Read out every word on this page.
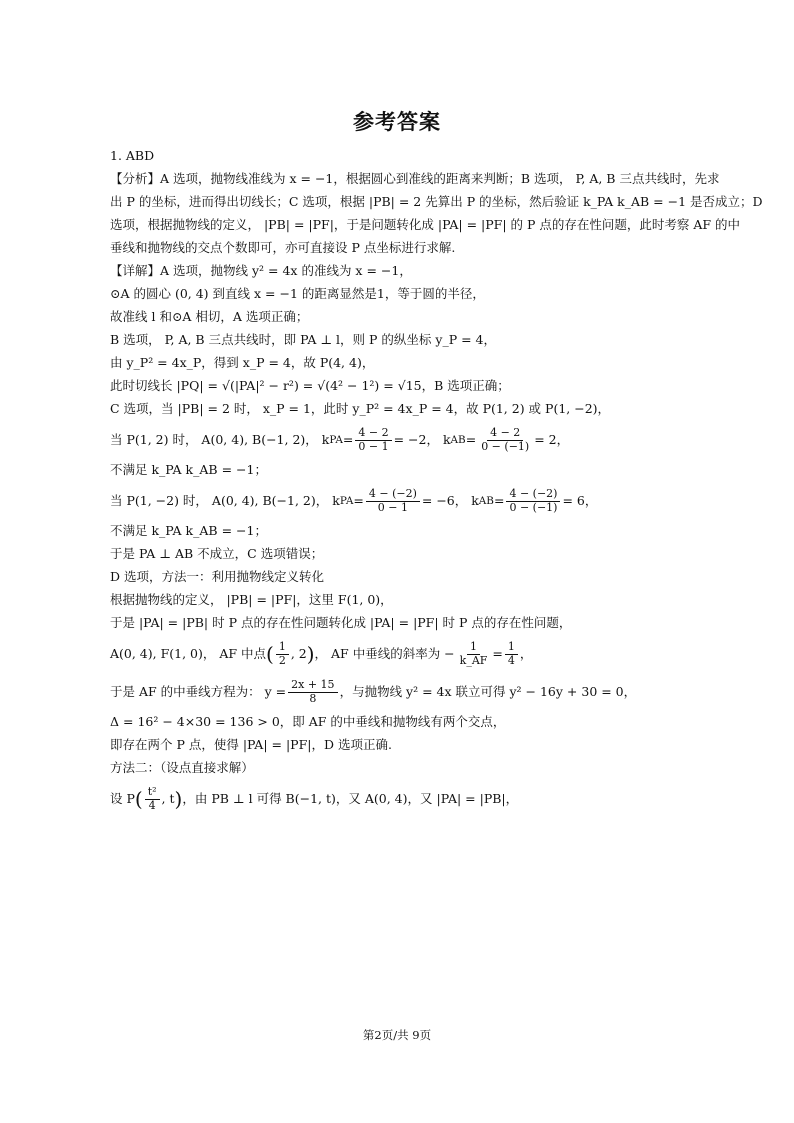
参考答案
1. ABD
【分析】A 选项，抛物线准线为 x = −1，根据圆心到准线的距离来判断；B 选项， P, A, B 三点共线时，先求
出 P 的坐标，进而得出切线长；C 选项，根据 |PB| = 2 先算出 P 的坐标，然后验证 k_PA k_AB = −1 是否成立；D
选项，根据抛物线的定义， |PB| = |PF|，于是问题转化成 |PA| = |PF| 的 P 点的存在性问题，此时考察 AF 的中
垂线和抛物线的交点个数即可，亦可直接设 P 点坐标进行求解.
【详解】A 选项，抛物线 y² = 4x 的准线为 x = −1，
⊙A 的圆心 (0, 4) 到直线 x = −1 的距离显然是1，等于圆的半径，
故准线 l 和⊙A 相切，A 选项正确；
B 选项， P, A, B 三点共线时，即 PA ⊥ l，则 P 的纵坐标 y_P = 4，
由 y_P² = 4x_P，得到 x_P = 4，故 P(4, 4)，
此时切线长 |PQ| = √(|PA|² − r²) = √(4² − 1²) = √15，B 选项正确；
C 选项，当 |PB| = 2 时， x_P = 1，此时 y_P² = 4x_P = 4，故 P(1, 2) 或 P(1, −2)，
当 P(1, 2) 时， A(0, 4), B(−1, 2)， k PA = $\frac{4 - 2}{0 - 1} = -2$， k AB = $\frac{4 - 2}{0 - (-1)} = 2$，
不满足 k_PA k_AB = −1；
当 P(1, −2) 时， A(0, 4), B(−1, 2)， k PA = $\frac{4 - (-2)}{0 - 1} = -6$， k AB = $\frac{4 - (-2)}{0 - (-1)} = 6$，
不满足 k_PA k_AB = −1；
于是 PA ⊥ AB 不成立，C 选项错误；
D 选项，方法一：利用抛物线定义转化
根据抛物线的定义， |PB| = |PF|，这里 F(1, 0)，
于是 |PA| = |PB| 时 P 点的存在性问题转化成 |PA| = |PF| 时 P 点的存在性问题，
A(0, 4), F(1, 0)， AF 中点 ( 1
2 , 2 ) ， AF 中垂线的斜率为 − $\frac{1}{k\_AF} = \frac{1}{4}$ ，
于是 AF 的中垂线方程为： $y = \frac{2x + 15}{8}$ ，与抛物线 y² = 4x 联立可得 y² − 16y + 30 = 0，
Δ = 16² − 4×30 = 136 > 0，即 AF 的中垂线和抛物线有两个交点，
即存在两个 P 点，使得 |PA| = |PF|，D 选项正确.
方法二：（设点直接求解）
设 P ( $\frac{\text{t²}}{4}$ , t ) ，由 PB ⊥ l 可得 B(−1, t)，又 A(0, 4)，又 |PA| = |PB|，
第2页/共 9页
